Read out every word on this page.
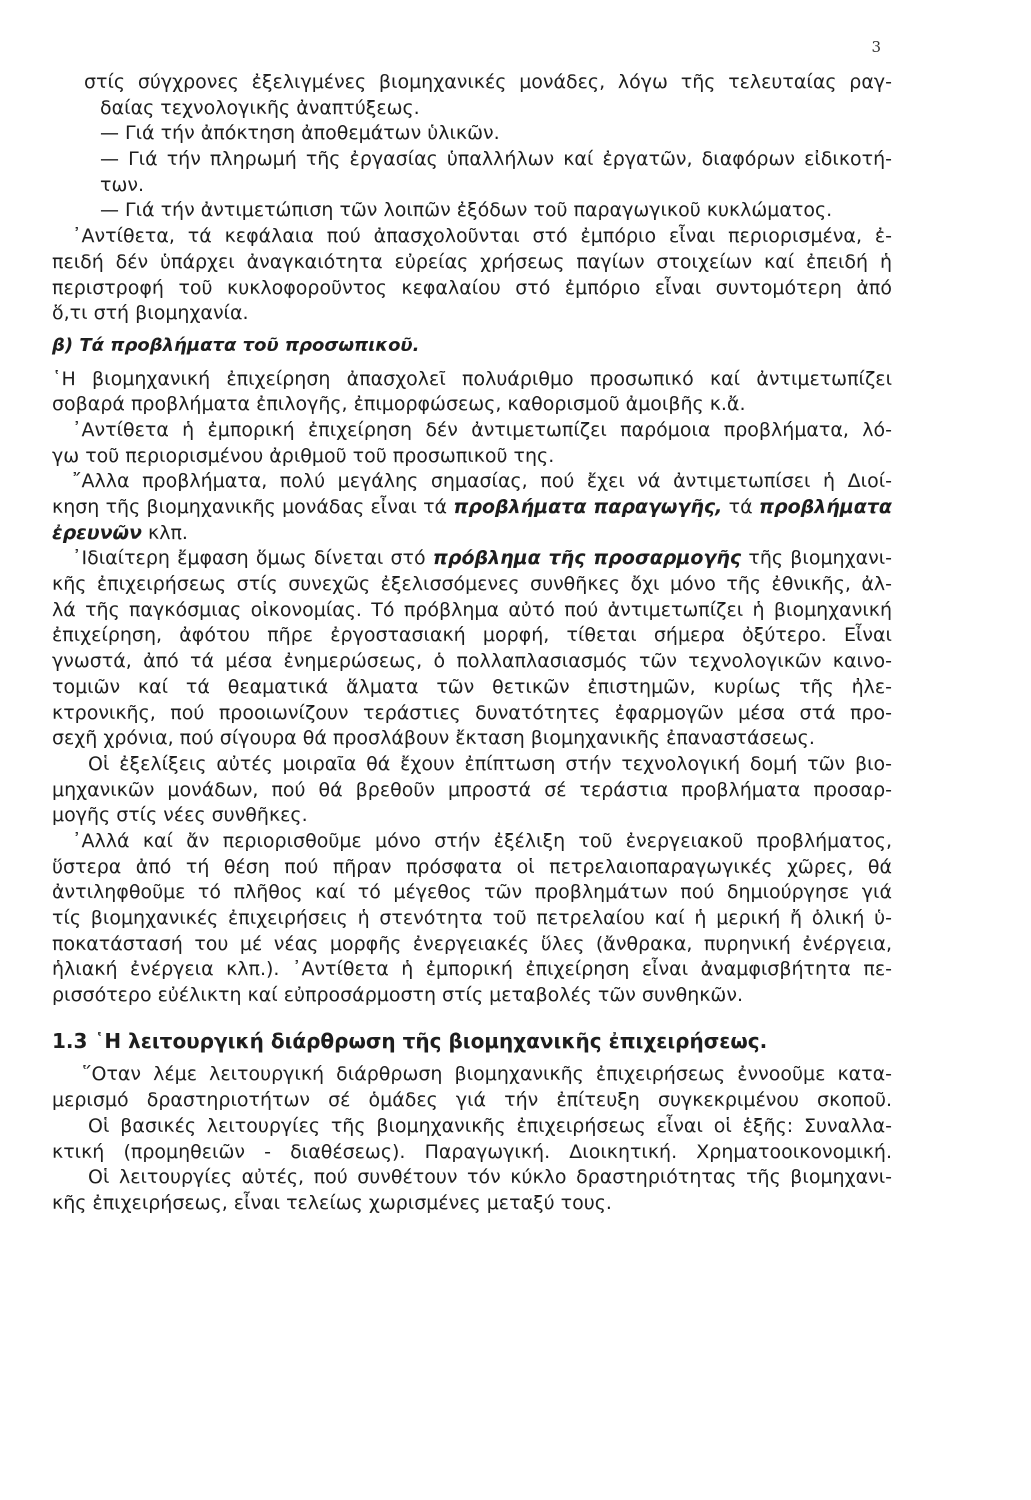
3

στίς σύγχρονες ἐξελιγμένες βιομηχανικές μονάδες, λόγω τῆς τελευταίας ραγ-

δαίας τεχνολογικῆς ἀναπτύξεως.

— Γιά τήν ἀπόκτηση ἀποθεμάτων ὑλικῶν.

— Γιά τήν πληρωμή τῆς ἐργασίας ὑπαλλήλων καί ἐργατῶν, διαφόρων εἰδικοτή-

των.

— Γιά τήν ἀντιμετώπιση τῶν λοιπῶν ἐξόδων τοῦ παραγωγικοῦ κυκλώματος.

᾿Αντίθετα, τά κεφάλαια πού ἀπασχολοῦνται στό ἐμπόριο εἶναι περιορισμένα, ἐ-

πειδή δέν ὑπάρχει ἀναγκαιότητα εὐρείας χρήσεως παγίων στοιχείων καί ἐπειδή ἡ

περιστροφή τοῦ κυκλοφοροῦντος κεφαλαίου στό ἐμπόριο εἶναι συντομότερη ἀπό

ὅ,τι στή βιομηχανία.

β) Τά προβλήματα τοῦ προσωπικοῦ.

῾Η βιομηχανική ἐπιχείρηση ἀπασχολεῖ πολυάριθμο προσωπικό καί ἀντιμετωπίζει

σοβαρά προβλήματα ἐπιλογῆς, ἐπιμορφώσεως, καθορισμοῦ ἀμοιβῆς κ.ἄ.

᾿Αντίθετα ἡ ἐμπορική ἐπιχείρηση δέν ἀντιμετωπίζει παρόμοια προβλήματα, λό-

γω τοῦ περιορισμένου ἀριθμοῦ τοῦ προσωπικοῦ της.

῎Αλλα προβλήματα, πολύ μεγάλης σημασίας, πού ἔχει νά ἀντιμετωπίσει ἡ Διοί-

κηση τῆς βιομηχανικῆς μονάδας εἶναι τά προβλήματα παραγωγῆς, τά προβλήματα

ἐρευνῶν κλπ.

᾿Ιδιαίτερη ἔμφαση ὅμως δίνεται στό πρόβλημα τῆς προσαρμογῆς τῆς βιομηχανι-

κῆς ἐπιχειρήσεως στίς συνεχῶς ἐξελισσόμενες συνθῆκες ὄχι μόνο τῆς ἐθνικῆς, ἀλ-

λά τῆς παγκόσμιας οἰκονομίας. Τό πρόβλημα αὐτό πού ἀντιμετωπίζει ἡ βιομηχανική

ἐπιχείρηση, ἀφότου πῆρε ἐργοστασιακή μορφή, τίθεται σήμερα ὀξύτερο. Εἶναι

γνωστά, ἀπό τά μέσα ἐνημερώσεως, ὁ πολλαπλασιασμός τῶν τεχνολογικῶν καινο-

τομιῶν καί τά θεαματικά ἅλματα τῶν θετικῶν ἐπιστημῶν, κυρίως τῆς ἠλε-

κτρονικῆς, πού προοιωνίζουν τεράστιες δυνατότητες ἐφαρμογῶν μέσα στά προ-

σεχῆ χρόνια, πού σίγουρα θά προσλάβουν ἔκταση βιομηχανικῆς ἐπαναστάσεως.

Οἱ ἐξελίξεις αὐτές μοιραῖα θά ἔχουν ἐπίπτωση στήν τεχνολογική δομή τῶν βιο-

μηχανικῶν μονάδων, πού θά βρεθοῦν μπροστά σέ τεράστια προβλήματα προσαρ-

μογῆς στίς νέες συνθῆκες.

᾿Αλλά καί ἄν περιορισθοῦμε μόνο στήν ἐξέλιξη τοῦ ἐνεργειακοῦ προβλήματος,

ὕστερα ἀπό τή θέση πού πῆραν πρόσφατα οἱ πετρελαιοπαραγωγικές χῶρες, θά

ἀντιληφθοῦμε τό πλῆθος καί τό μέγεθος τῶν προβλημάτων πού δημιούργησε γιά

τίς βιομηχανικές ἐπιχειρήσεις ἡ στενότητα τοῦ πετρελαίου καί ἡ μερική ἤ ὁλική ὑ-

ποκατάστασή του μέ νέας μορφῆς ἐνεργειακές ὕλες (ἄνθρακα, πυρηνική ἐνέργεια,

ἡλιακή ἐνέργεια κλπ.). ᾿Αντίθετα ἡ ἐμπορική ἐπιχείρηση εἶναι ἀναμφισβήτητα πε-

ρισσότερο εὐέλικτη καί εὐπροσάρμοστη στίς μεταβολές τῶν συνθηκῶν.

1.3 ῾Η λειτουργική διάρθρωση τῆς βιομηχανικῆς ἐπιχειρήσεως.

῞Οταν λέμε λειτουργική διάρθρωση βιομηχανικῆς ἐπιχειρήσεως ἐννοοῦμε κατα-

μερισμό δραστηριοτήτων σέ ὁμάδες γιά τήν ἐπίτευξη συγκεκριμένου σκοποῦ.

Οἱ βασικές λειτουργίες τῆς βιομηχανικῆς ἐπιχειρήσεως εἶναι οἱ ἑξῆς: Συναλλα-

κτική (προμηθειῶν - διαθέσεως). Παραγωγική. Διοικητική. Χρηματοοικονομική.

Οἱ λειτουργίες αὐτές, πού συνθέτουν τόν κύκλο δραστηριότητας τῆς βιομηχανι-

κῆς ἐπιχειρήσεως, εἶναι τελείως χωρισμένες μεταξύ τους.
